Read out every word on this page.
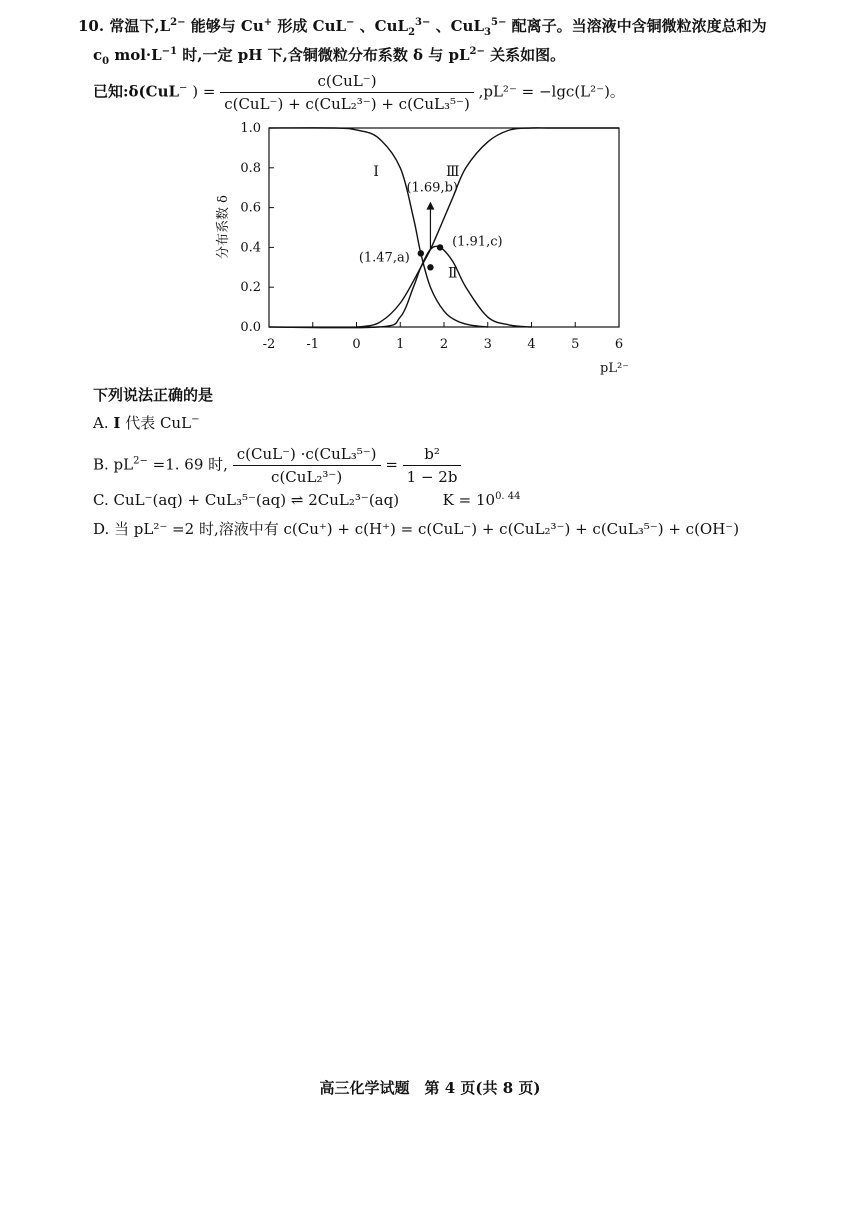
10. 常温下$,L^{2-}$ 能够与 Cu+ 形成 CuL− 、CuL$_2^{3-}$ 、CuL$_3^{5-}$ 配离子。当溶液中含铜微粒浓度总和为
$c_0$ $mol\cdot L^{-1}$ 时,一定 pH 下,含铜微粒分布系数 δ 与 $pL^{2-}$ 关系如图。
已知:δ(CuL− ) = $\frac{\text{c(CuL⁻)}}{\text{c(CuL⁻) + c(CuL₂³⁻) + c(CuL₃⁵⁻)}} ,pL^{2-} = -\lg c(L^{2-})$。
0.0
0.2
0.4
0.6
0.8
1.0
-2 -1	0	1	2	3	4	5	6
Ⅰ
Ⅱ
Ⅲ
(1.47,a)
(1.91,c)
(1.69,b)
分布系数 δ
pL²⁻
下列说法正确的是
A. Ⅰ 代表 CuL−
B. $pL^{2-} =1$. 69 时, $\frac{\text{c(CuL⁻) ·c(CuL₃⁵⁻)}}{\text{c(CuL₂³⁻)}} = \frac{\text{b²}}{1 - 2b}$
C. CuL⁻(aq) + CuL₃⁵⁻(aq) ⇌ 2CuL₂³⁻(aq)	$K = 10^{0. 44}$
D. 当 pL²⁻ =2 时,溶液中有 c(Cu⁺) + c(H⁺) = c(CuL⁻) + c(CuL₂³⁻) + c(CuL₃⁵⁻) + c(OH⁻)
高三化学试题　第 4 页(共 8 页)
